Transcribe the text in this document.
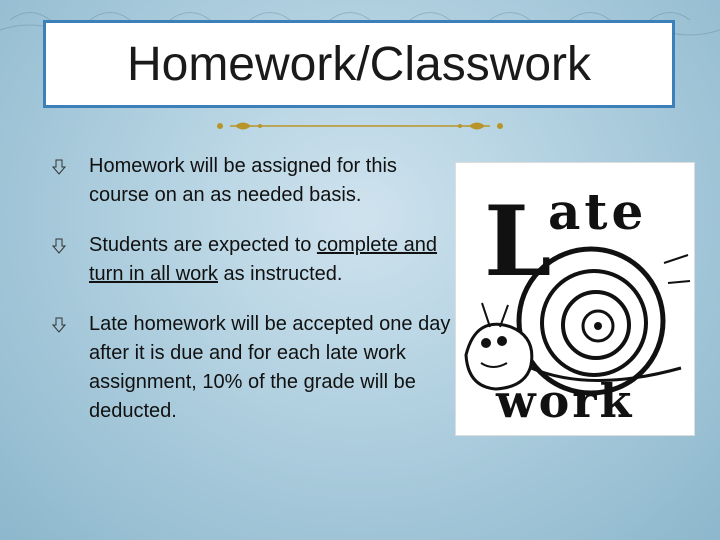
Homework/Classwork
Homework will be assigned for this course on an as needed basis.
Students are expected to complete and turn in all work as instructed.
Late homework will be accepted one day after it is due and for each late work assignment, 10% of the grade will be deducted.
L
ate
work
